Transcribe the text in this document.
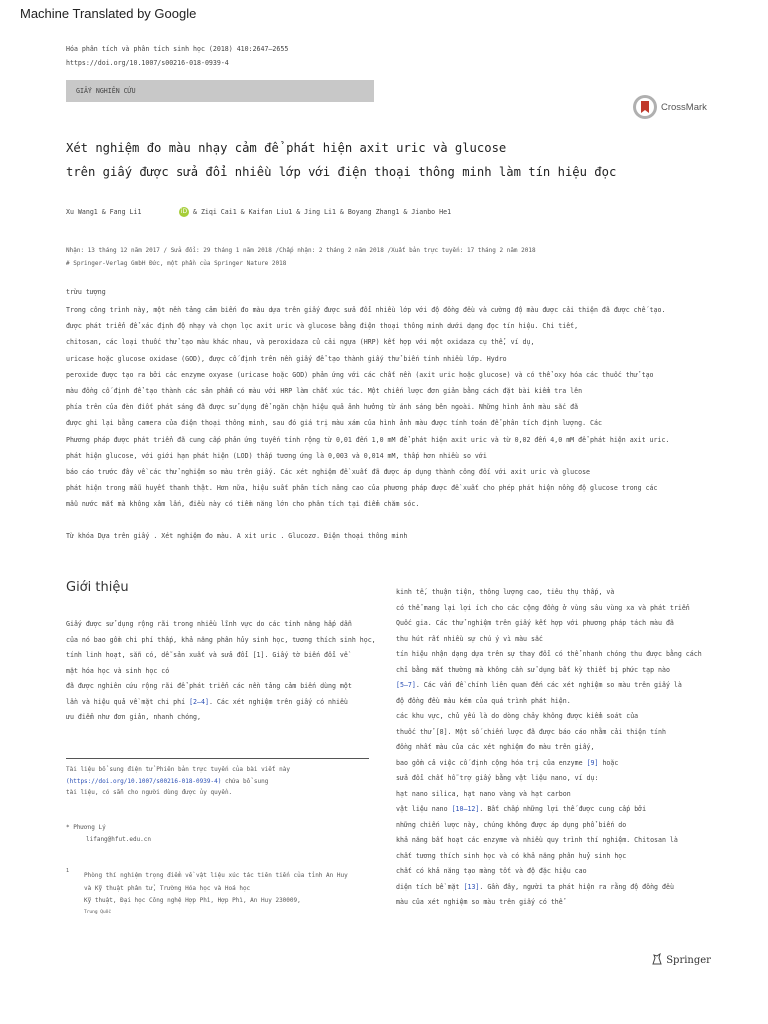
Machine Translated by Google
Hóa phân tích và phân tích sinh học (2018) 410:2647–2655
https://doi.org/10.1007/s00216-018-0939-4
GIẤY NGHIÊN CỨU
CrossMark
Xét nghiệm đo màu nhạy cảm để phát hiện axit uric và glucose
trên giấy được sửa đổi nhiều lớp với điện thoại thông minh làm tín hiệu đọc
Xu Wang1 & Fang Li1	iD & Ziqi Cai1 & Kaifan Liu1 & Jing Li1 & Boyang Zhang1 & Jianbo He1
Nhận: 13 tháng 12 năm 2017 / Sửa đổi: 29 tháng 1 năm 2018 /Chấp nhận: 2 tháng 2 năm 2018 /Xuất bản trực tuyến: 17 tháng 2 năm 2018
# Springer-Verlag GmbH Đức, một phần của Springer Nature 2018
trừu tượng
Trong công trình này, một nền tảng cảm biến đo màu dựa trên giấy được sửa đổi nhiều lớp với độ đồng đều và cường độ màu được cải thiện đã được chế tạo.
được phát triển để xác định độ nhạy và chọn lọc axit uric và glucose bằng điện thoại thông minh dưới dạng đọc tín hiệu. Chi tiết,
chitosan, các loại thuốc thử tạo màu khác nhau, và peroxidaza củ cải ngựa (HRP) kết hợp với một oxidaza cụ thể, ví dụ,
uricase hoặc glucose oxidase (GOD), được cố định trên nền giấy để tạo thành giấy thử biến tính nhiều lớp. Hydro
peroxide được tạo ra bởi các enzyme oxyase (uricase hoặc GOD) phản ứng với các chất nền (axit uric hoặc glucose) và có thể oxy hóa các thuốc thử tạo
màu đồng cố định để tạo thành các sản phẩm có màu với HRP làm chất xúc tác. Một chiến lược đơn giản bằng cách đặt bài kiểm tra lên
phía trên của đèn điốt phát sáng đã được sử dụng để ngăn chặn hiệu quả ảnh hưởng từ ánh sáng bên ngoài. Những hình ảnh màu sắc đã
được ghi lại bằng camera của điện thoại thông minh, sau đó giá trị màu xám của hình ảnh màu được tính toán để phân tích định lượng. Các
Phương pháp được phát triển đã cung cấp phản ứng tuyến tính rộng từ 0,01 đến 1,0 mM để phát hiện axit uric và từ 0,02 đến 4,0 mM để phát hiện axit uric.
phát hiện glucose, với giới hạn phát hiện (LOD) thấp tương ứng là 0,003 và 0,014 mM, thấp hơn nhiều so với
báo cáo trước đây về các thử nghiệm so màu trên giấy. Các xét nghiệm đề xuất đã được áp dụng thành công đối với axit uric và glucose
phát hiện trong mẫu huyết thanh thật. Hơn nữa, hiệu suất phân tích nâng cao của phương pháp được đề xuất cho phép phát hiện nồng độ glucose trong các
mẫu nước mắt mà không xâm lấn, điều này có tiềm năng lớn cho phân tích tại điểm chăm sóc.
Từ khóa Dựa trên giấy . Xét nghiệm đo màu. A xit uric . Glucozơ. Điện thoại thông minh
Giới thiệu
Giấy được sử dụng rộng rãi trong nhiều lĩnh vực do các tính năng hấp dẫn
của nó bao gồm chi phí thấp, khả năng phân hủy sinh học, tương thích sinh học,
tính linh hoạt, sẵn có, dễ sản xuất và sửa đổi [1]. Giấy tờ biến đổi về
mặt hóa học và sinh học có
đã được nghiên cứu rộng rãi để phát triển các nền tảng cảm biến dùng một
lần và hiệu quả về mặt chi phí [2–4]. Các xét nghiệm trên giấy có nhiều
ưu điểm như đơn giản, nhanh chóng,
Tài liệu bổ sung điện tử Phiên bản trực tuyến của bài viết này
(https://doi.org/10.1007/s00216-018-0939-4) chứa bổ sung
tài liệu, có sẵn cho người dùng được ủy quyền.
* Phương Lý
lifang@hfut.edu.cn
1
Phòng thí nghiệm trọng điểm về vật liệu xúc tác tiên tiến của tỉnh An Huy
và Kỹ thuật phân tử, Trường Hóa học và Hoá học
Kỹ thuật, Đại học Công nghệ Hợp Phì, Hợp Phì, An Huy 230009,
Trung Quốc
kinh tế, thuận tiện, thông lượng cao, tiêu thụ thấp, và
có thể mang lại lợi ích cho các cộng đồng ở vùng sâu vùng xa và phát triển
Quốc gia. Các thử nghiệm trên giấy kết hợp với phương pháp tách màu đã
thu hút rất nhiều sự chú ý vì màu sắc
tín hiệu nhận dạng dựa trên sự thay đổi có thể nhanh chóng thu được bằng cách
chỉ bằng mắt thường mà không cần sử dụng bất kỳ thiết bị phức tạp nào
[5–7]. Các vấn đề chính liên quan đến các xét nghiệm so màu trên giấy là
độ đồng đều màu kém của quá trình phát hiện.
các khu vực, chủ yếu là do dòng chảy không được kiểm soát của
thuốc thử [8]. Một số chiến lược đã được báo cáo nhằm cải thiện tính
đồng nhất màu của các xét nghiệm đo màu trên giấy,
bao gồm cả việc cố định cộng hóa trị của enzyme [9] hoặc
sửa đổi chất hỗ trợ giấy bằng vật liệu nano, ví dụ:
hạt nano silica, hạt nano vàng và hạt carbon
vật liệu nano [10–12]. Bất chấp những lợi thế được cung cấp bởi
những chiến lược này, chúng không được áp dụng phổ biến do
khả năng bất hoạt các enzyme và nhiều quy trình thí nghiệm. Chitosan là
chất tương thích sinh học và có khả năng phân huỷ sinh học
chất có khả năng tạo màng tốt và độ đặc hiệu cao
diện tích bề mặt [13]. Gần đây, người ta phát hiện ra rằng độ đồng đều
màu của xét nghiệm so màu trên giấy có thể
Springer
